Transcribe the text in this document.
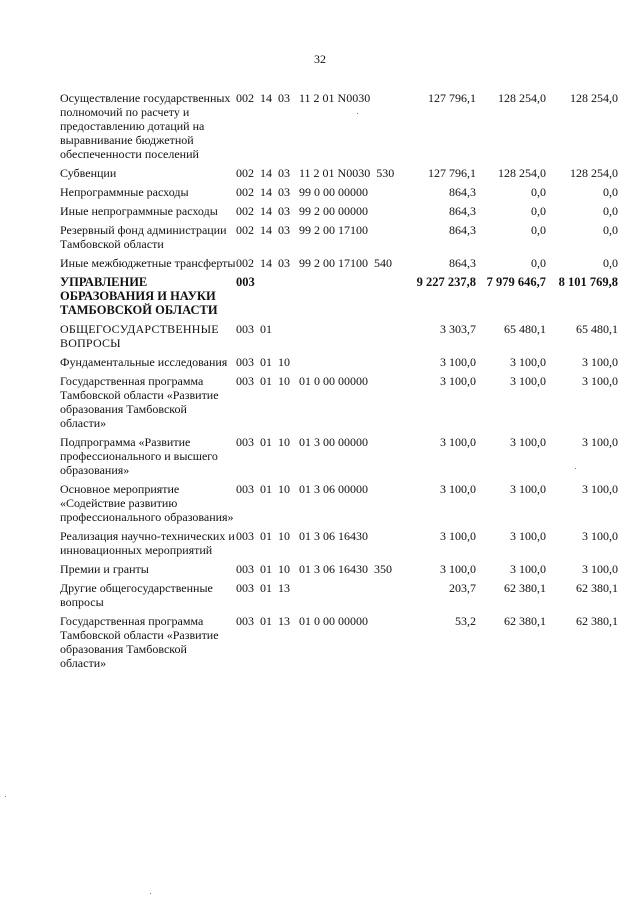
32
Осуществление государственных полномочий по расчету и предоставлению дотаций на выравнивание бюджетной обеспеченности поселений	002  14  03   11 2 01 N0030	127 796,1	128 254,0	128 254,0
Субвенции	002  14  03   11 2 01 N0030  530	127 796,1	128 254,0	128 254,0
Непрограммные расходы	002  14  03   99 0 00 00000	864,3	0,0	0,0
Иные непрограммные расходы	002  14  03   99 2 00 00000	864,3	0,0	0,0
Резервный фонд администрации Тамбовской области	002  14  03   99 2 00 17100	864,3	0,0	0,0
Иные межбюджетные трансферты	002  14  03   99 2 00 17100  540	864,3	0,0	0,0
УПРАВЛЕНИЕ ОБРАЗОВАНИЯ И НАУКИ ТАМБОВСКОЙ ОБЛАСТИ	003	9 227 237,8	7 979 646,7	8 101 769,8
ОБЩЕГОСУДАРСТВЕННЫЕ ВОПРОСЫ	003  01	3 303,7	65 480,1	65 480,1
Фундаментальные исследования	003  01  10	3 100,0	3 100,0	3 100,0
Государственная программа Тамбовской области «Развитие образования Тамбовской области»	003  01  10   01 0 00 00000	3 100,0	3 100,0	3 100,0
Подпрограмма «Развитие профессионального и высшего образования»	003  01  10   01 3 00 00000	3 100,0	3 100,0	3 100,0
Основное мероприятие «Содействие развитию профессионального образования»	003  01  10   01 3 06 00000	3 100,0	3 100,0	3 100,0
Реализация научно-технических и инновационных мероприятий	003  01  10   01 3 06 16430	3 100,0	3 100,0	3 100,0
Премии и гранты	003  01  10   01 3 06 16430  350	3 100,0	3 100,0	3 100,0
Другие общегосударственные вопросы	003  01  13	203,7	62 380,1	62 380,1
Государственная программа Тамбовской области «Развитие образования Тамбовской области»	003  01  13   01 0 00 00000	53,2	62 380,1	62 380,1
